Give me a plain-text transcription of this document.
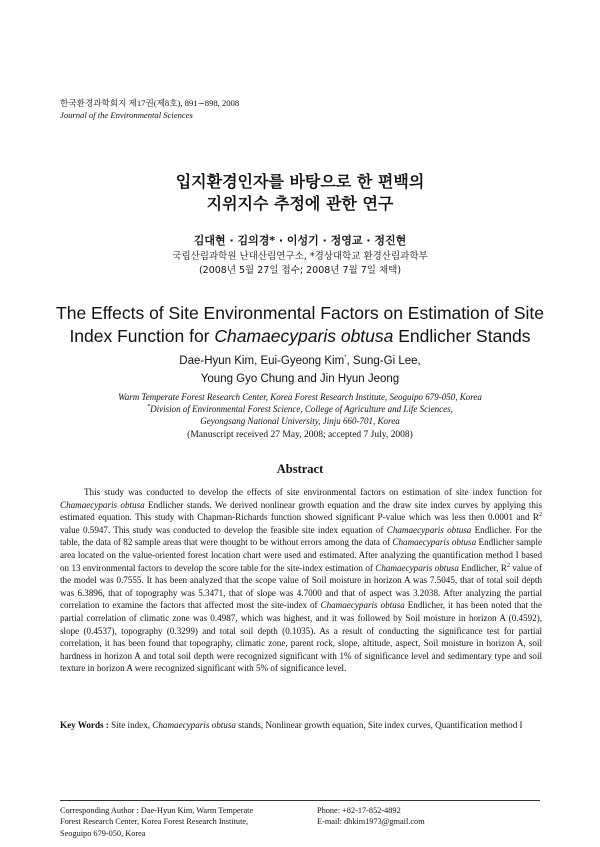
한국환경과학회지 제17권(제8호), 891∼898, 2008
Journal of the Environmental Sciences
입지환경인자를 바탕으로 한 편백의
지위지수 추정에 관한 연구
김대현 · 김의경* · 이성기 · 정영교 · 정진현
국립산림과학원 난대산림연구소, *경상대학교 환경산림과학부
(2008년 5월 27일 접수; 2008년 7월 7일 채택)
The Effects of Site Environmental Factors on Estimation of Site
Index Function for Chamaecyparis obtusa Endlicher Stands
Dae-Hyun Kim, Eui-Gyeong Kim*, Sung-Gi Lee,
Young Gyo Chung and Jin Hyun Jeong
Warm Temperate Forest Research Center, Korea Forest Research Institute, Seoguipo 679-050, Korea
*Division of Environmental Forest Science, College of Agriculture and Life Sciences,
Geyongsang National University, Jinju 660-701, Korea
(Manuscript received 27 May, 2008; accepted 7 July, 2008)
Abstract

This study was conducted to develop the effects of site environmental factors on estimation of site index function for Chamaecyparis obtusa Endlicher stands. We derived nonlinear growth equation and the draw site index curves by applying this estimated equation. This study with Chapman-Richards function showed significant P-value which was less then 0.0001 and $R^2$ value 0.5947. This study was conducted to develop the feasible site index equation of Chamaecyparis obtusa Endlicher. For the table, the data of 82 sample areas that were thought to be without errors among the data of Chamaecyparis obtusa Endlicher sample area located on the value-oriented forest location chart were used and estimated. After analyzing the quantification method I based on 13 environmental factors to develop the score table for the site-index estimation of Chamaecyparis obtusa Endlicher, $R^2$ value of the model was 0.7555. It has been analyzed that the scope value of Soil moisture in horizon A was 7.5045, that of total soil depth was 6.3896, that of topography was 5.3471, that of slope was 4.7000 and that of aspect was 3.2038. After analyzing the partial correlation to examine the factors that affected most the site-index of Chamaecyparis obtusa Endlicher, it has been noted that the partial correlation of climatic zone was 0.4987, which was highest, and it was followed by Soil moisture in horizon A (0.4592), slope (0.4537), topography (0.3299) and total soil depth (0.1035). As a result of conducting the significance test for partial correlation, it has been found that topography, climatic zone, parent rock, slope, altitude, aspect, Soil moisture in horizon A, soil hardness in horizon A and total soil depth were recognized significant with 1% of significance level and sedimentary type and soil texture in horizon A were recognized significant with 5% of significance level.

Key Words : Site index, Chamaecyparis obtusa stands, Nonlinear growth equation, Site index curves, Quantification method I
Corresponding Author : Dae-Hyun Kim, Warm Temperate
Forest Research Center, Korea Forest Research Institute,
Seoguipo 679-050, Korea
Phone: +82-17-852-4892
E-mail: dhkim1973@gmail.com
